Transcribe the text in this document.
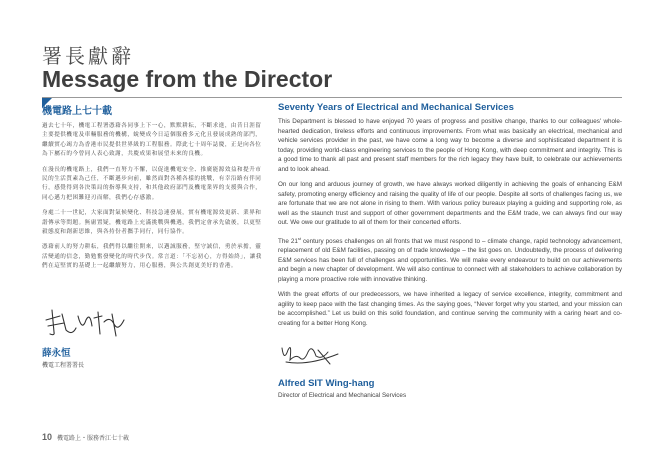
署長獻辭
Message from the Director
機電路上七十載

過去七十年，機電工程署憑藉各同事上下一心，默默耕耘，不斷求進，由昔日涯留主要提供機電及車輛服務的機構，蛻變成今日這個服務多元化且發展成熟的部門，繼續實心竭力為香港市民提供世界級的工程服務。際此七十周年誌慶，正是向各位為下屬石的今曾同人表心致謝，共慶成果和展望未來的良機。

在漫長的機電路上，我們一直努力不懈，以促進機電安全、推廣能源效益和提升市民的生活質素為己任，不斷邁步向前，雖然面對各種各樣的挑戰，有幸沿路有伴同行，感覺得到各決策局的指導與支持，和其他政府部門及機電業界的支援與合作，同心邁力把困難迎刃而解，我們心存感激。

身處二十一世紀，大家面對氣候變化、科技急速發展，實有機電源效更新、業界和諧傳承等問題。無庸置疑，機電路上充滿挑戰與機遇，我們定會承先啟後，以更堅毅態度和創新思維，與各持份者攜手同行，同行協作。

憑藉前人的努力耕耘，我們得以繼往開來，以邁誠服務，堅守誠信，勇於承擔，靈活變通的信念，勤勉奮發變化的時代步伐。常言道：「不忘初心，方得始終」，讓我們在這堅實的基礎上一起繼續努力，用心服務，與公共創更美好的香港。

薛永恒
機電工程署署長
Seventy Years of Electrical and Mechanical Services

This Department is blessed to have enjoyed 70 years of progress and positive change, thanks to our colleagues' whole-hearted dedication, tireless efforts and continuous improvements. From what was basically an electrical, mechanical and vehicle services provider in the past, we have come a long way to become a diverse and sophisticated department it is today, providing world-class engineering services to the people of Hong Kong, with deep commitment and integrity. This is a good time to thank all past and present staff members for the rich legacy they have built, to celebrate our achievements and to look ahead.

On our long and arduous journey of growth, we have always worked diligently in achieving the goals of enhancing E&M safety, promoting energy efficiency and raising the quality of life of our people. Despite all sorts of challenges facing us, we are fortunate that we are not alone in rising to them. With various policy bureaux playing a guiding and supporting role, as well as the staunch trust and support of other government departments and the E&M trade, we can always find our way out. We owe our gratitude to all of them for their concerted efforts.

The 21st century poses challenges on all fronts that we must respond to – climate change, rapid technology advancement, replacement of old E&M facilities, passing on of trade knowledge – the list goes on. Undoubtedly, the process of delivering E&M services has been full of challenges and opportunities. We will make every endeavour to build on our achievements and begin a new chapter of development. We will also continue to connect with all stakeholders to achieve collaboration by playing a more proactive role with innovative thinking.

With the great efforts of our predecessors, we have inherited a legacy of service excellence, integrity, commitment and agility to keep pace with the fast changing times. As the saying goes, “Never forget why you started, and your mission can be accomplished.” Let us build on this solid foundation, and continue serving the community with a caring heart and co-creating for a better Hong Kong.

Alfred SIT Wing-hang
Director of Electrical and Mechanical Services
10 機電路上・服務香江七十載
